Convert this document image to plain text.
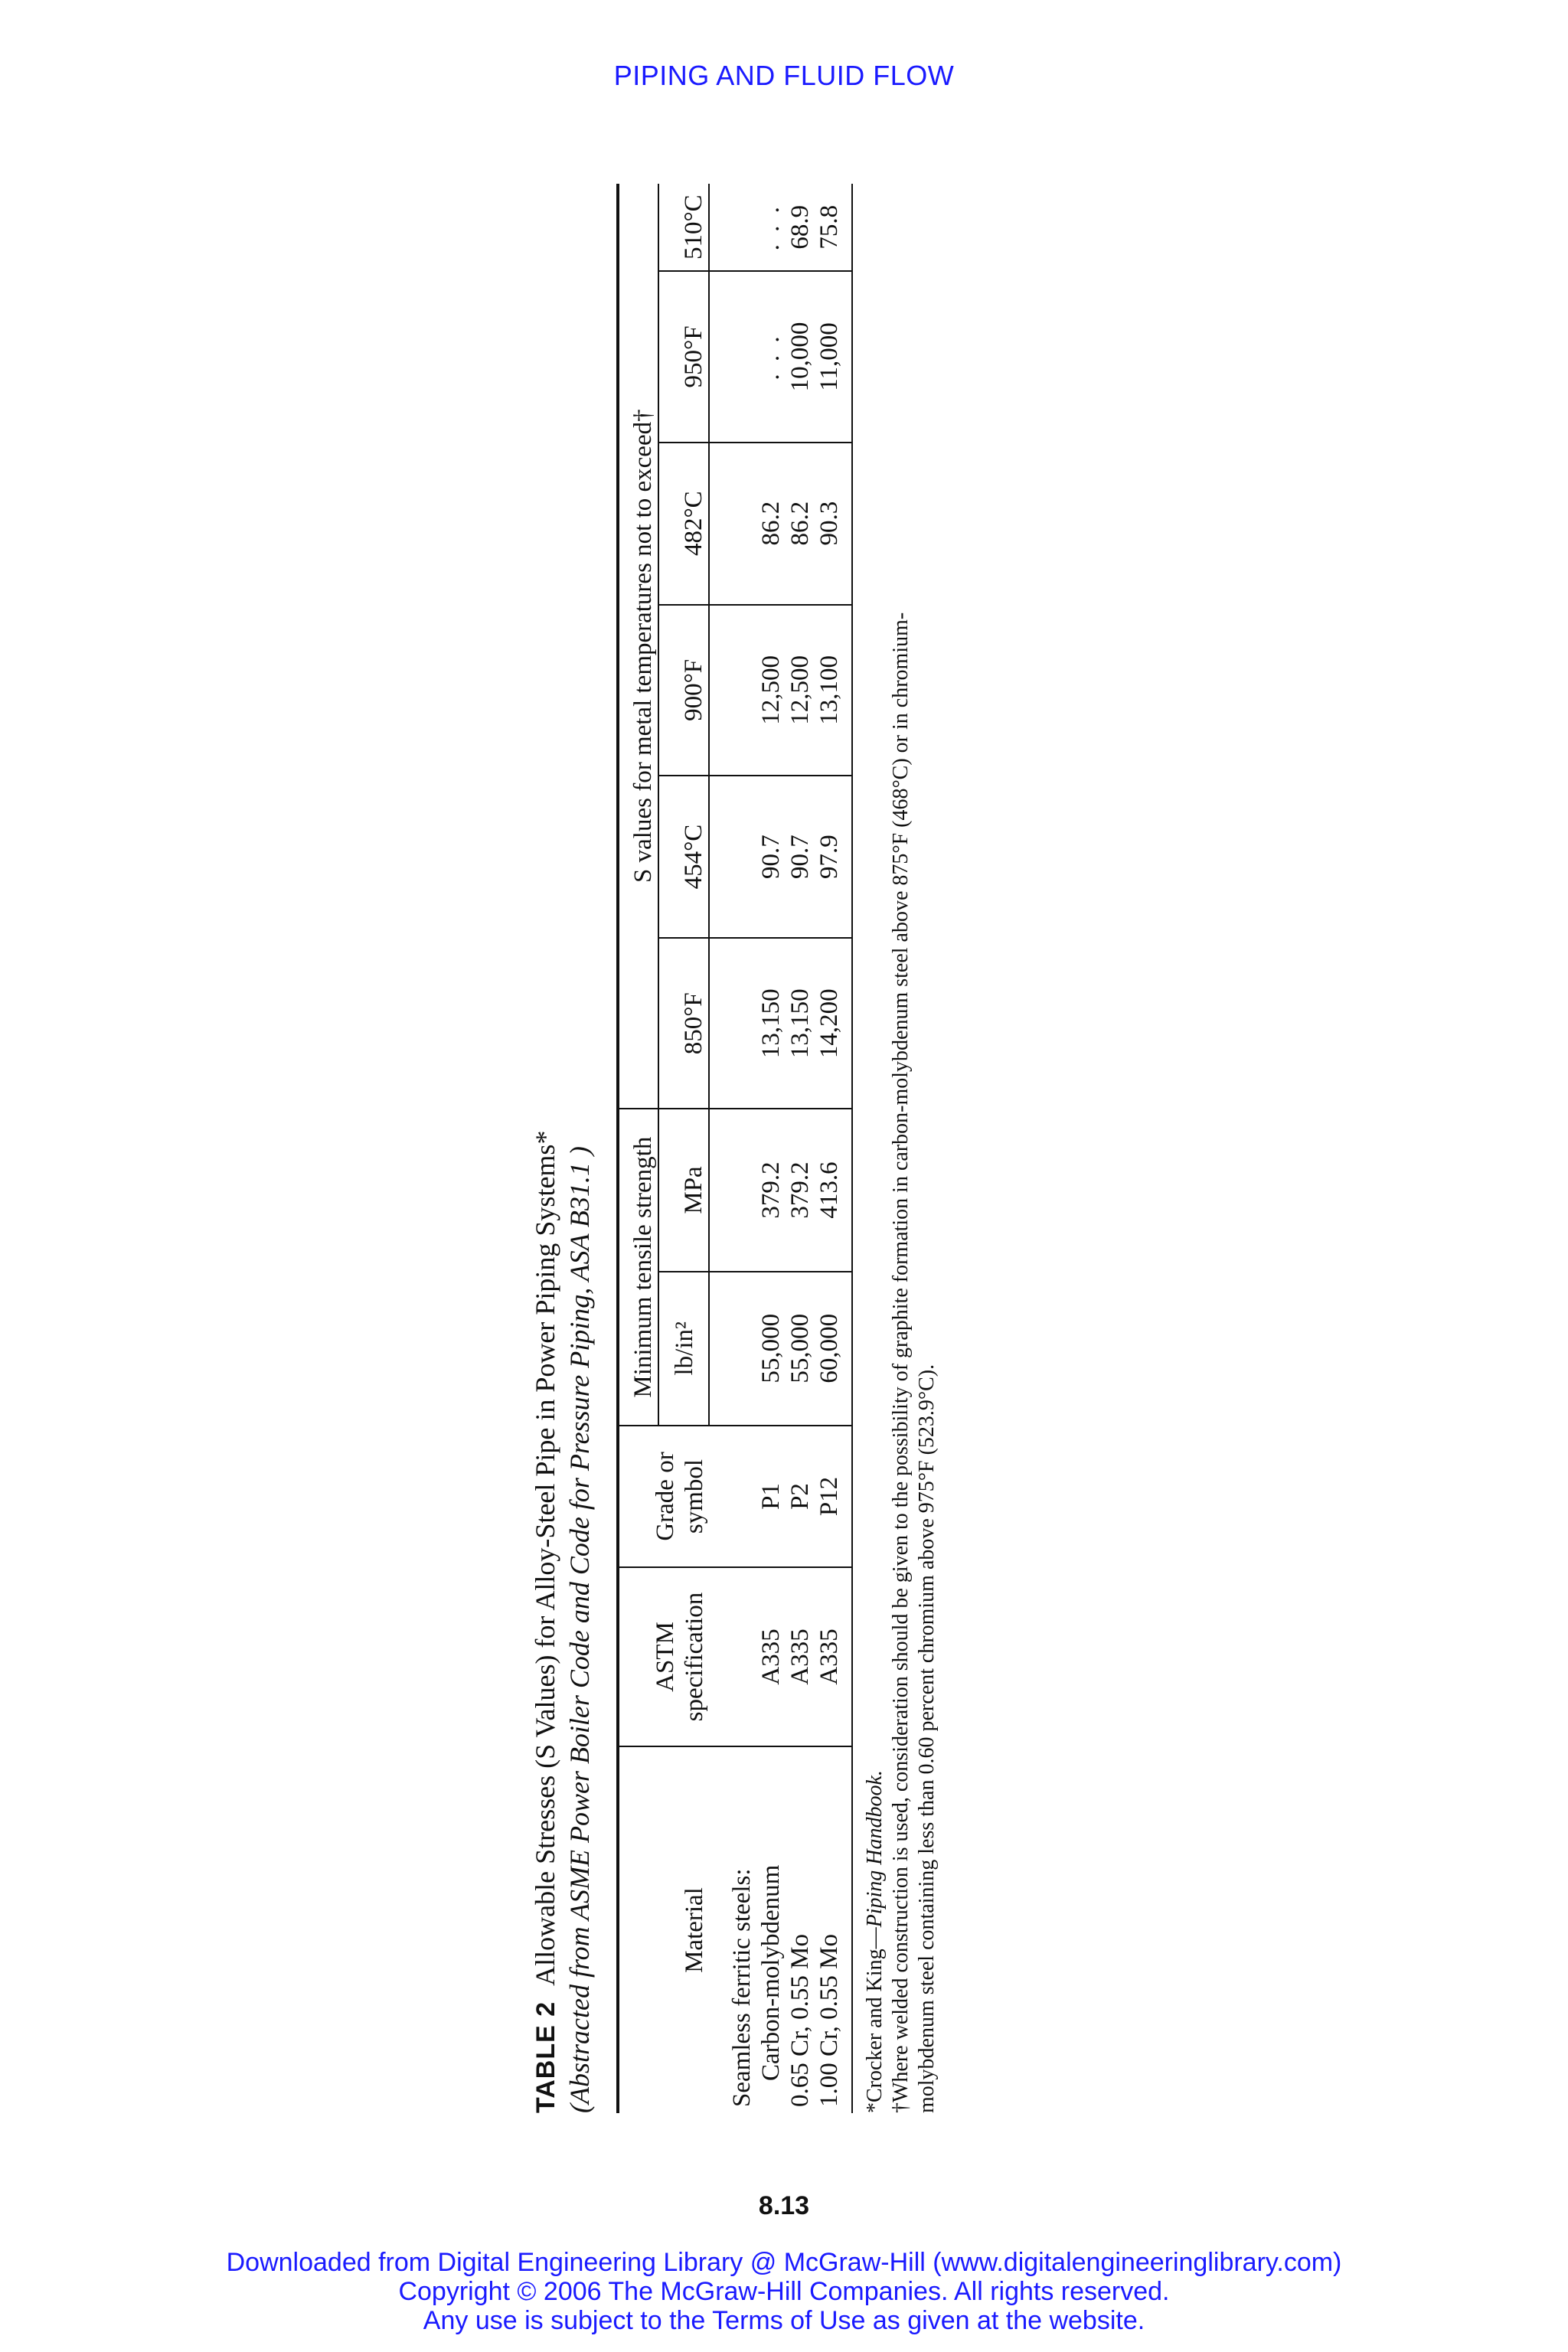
PIPING AND FLUID FLOW
TABLE 2Allowable Stresses (S Values) for Alloy-Steel Pipe in Power Piping Systems* (Abstracted from ASME Power Boiler Code and Code for Pressure Piping, ASA B31.1 )	Material	ASTM specification	Grade or symbol	Minimum tensile strength		S values for metal temperatures not to exceed†					
			lb/in²	MPa	850°F	454°C	900°F	482°C	950°F	510°C
Seamless ferritic steels:										
Carbon-molybdenum	A335	P1	55,000	379.2	13,150	90.7	12,500	86.2	. . .	. . .
0.65 Cr, 0.55 Mo	A335	P2	55,000	379.2	13,150	90.7	12,500	86.2	10,000	68.9
1.00 Cr, 0.55 Mo	A335	P12	60,000	413.6	14,200	97.9	13,100	90.3	11,000	75.8

*Crocker and King—Piping Handbook. †Where welded construction is used, consideration should be given to the possibility of graphite formation in carbon-molybdenum steel above 875°F (468°C) or in chromium- molybdenum steel containing less than 0.60 percent chromium above 975°F (523.9°C).
8.13
Downloaded from Digital Engineering Library @ McGraw-Hill (www.digitalengineeringlibrary.com)
Copyright © 2006 The McGraw-Hill Companies. All rights reserved.
Any use is subject to the Terms of Use as given at the website.
